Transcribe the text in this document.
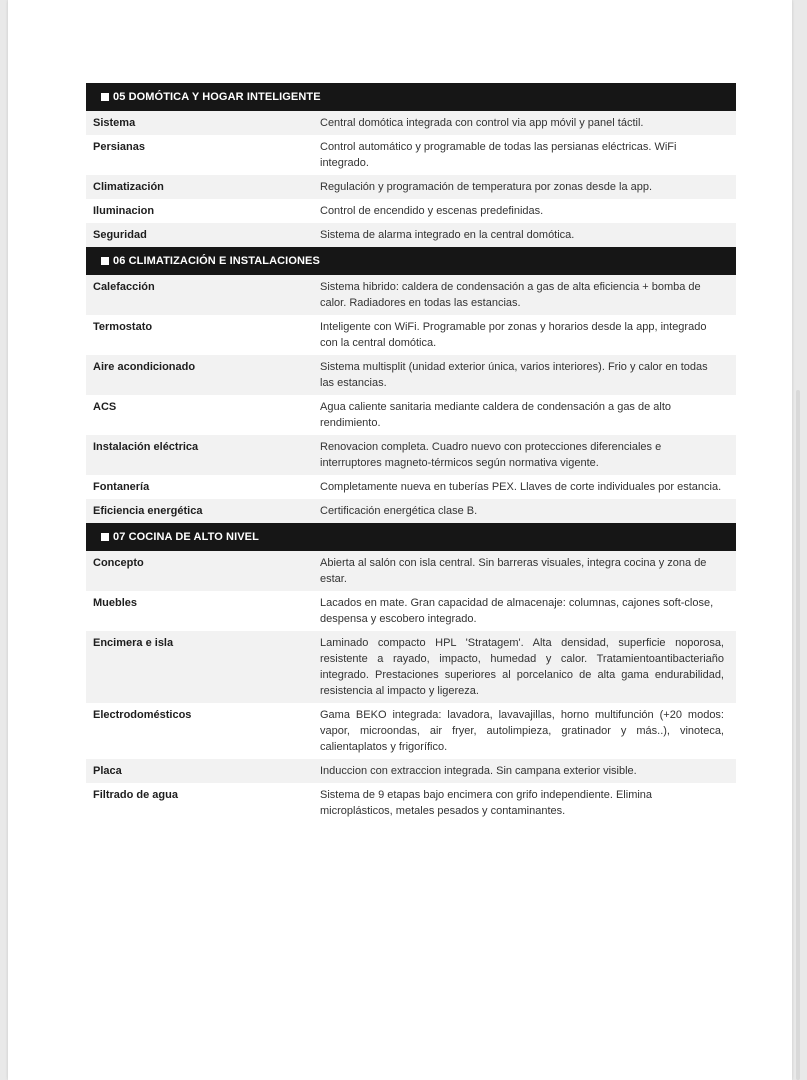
05 DOMÓTICA Y HOGAR INTELIGENTE
Sistema	Central domótica integrada con control via app móvil y panel táctil.
Persianas	Control automático y programable de todas las persianas eléctricas. WiFi integrado.
Climatización	Regulación y programación de temperatura por zonas desde la app.
Iluminacion	Control de encendido y escenas predefinidas.
Seguridad	Sistema de alarma integrado en la central domótica.
06 CLIMATIZACIÓN E INSTALACIONES
Calefacción	Sistema hibrido: caldera de condensación a gas de alta eficiencia + bomba de calor. Radiadores en todas las estancias.
Termostato	Inteligente con WiFi. Programable por zonas y horarios desde la app, integrado con la central domótica.
Aire acondicionado	Sistema multisplit (unidad exterior única, varios interiores). Frio y calor en todas las estancias.
ACS	Agua caliente sanitaria mediante caldera de condensación a gas de alto rendimiento.
Instalación eléctrica	Renovacion completa. Cuadro nuevo con protecciones diferenciales e interruptores magneto-térmicos según normativa vigente.
Fontanería	Completamente nueva en tuberías PEX. Llaves de corte individuales por estancia.
Eficiencia energética	Certificación energética clase B.
07 COCINA DE ALTO NIVEL
Concepto	Abierta al salón con isla central. Sin barreras visuales, integra cocina y zona de estar.
Muebles	Lacados en mate. Gran capacidad de almacenaje: columnas, cajones soft-close, despensa y escobero integrado.
Encimera e isla	Laminado compacto HPL 'Stratagem'. Alta densidad, superficie noporosa, resistente a rayado, impacto, humedad y calor. Tratamientoantibacteriaño integrado. Prestaciones superiores al porcelanico de alta gama endurabilidad, resistencia al impacto y ligereza.
Electrodomésticos	Gama BEKO integrada: lavadora, lavavajillas, horno multifunción (+20 modos: vapor, microondas, air fryer, autolimpieza, gratinador y más..), vinoteca, calientaplatos y frigorífico.
Placa	Induccion con extraccion integrada. Sin campana exterior visible.
Filtrado de agua	Sistema de 9 etapas bajo encimera con grifo independiente. Elimina microplásticos, metales pesados y contaminantes.
